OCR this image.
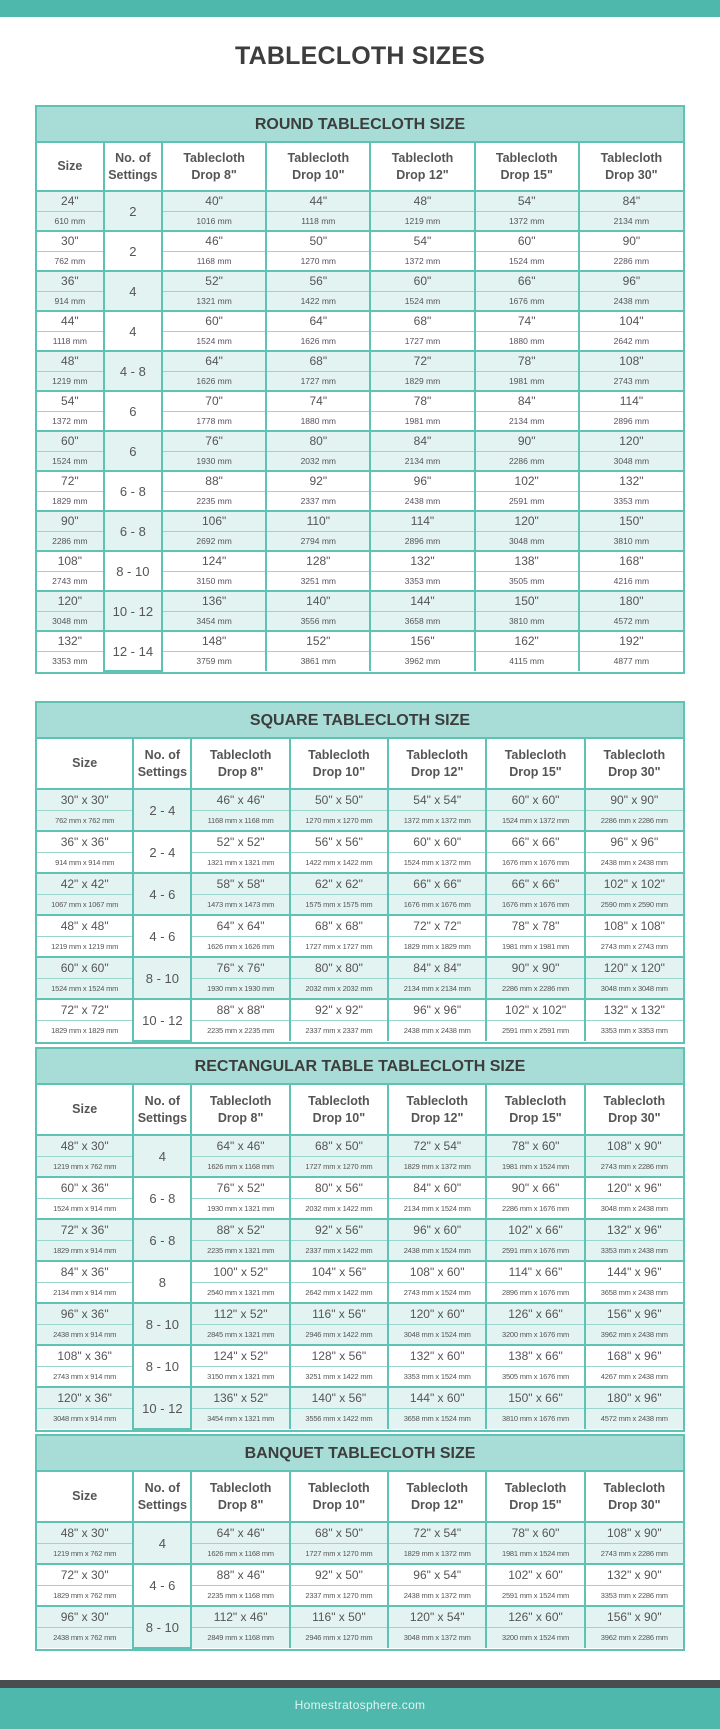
TABLECLOTH SIZES
ROUND TABLECLOTH SIZE
Size	No. of
Settings	Tablecloth
Drop 8"	Tablecloth
Drop 10"	Tablecloth
Drop 12"	Tablecloth
Drop 15"	Tablecloth
Drop 30"
24"	2	40"	44"	48"	54"	84"
610 mm		1016 mm	1118 mm	1219 mm	1372 mm	2134 mm
30"	2	46"	50"	54"	60"	90"
762 mm		1168 mm	1270 mm	1372 mm	1524 mm	2286 mm
36"	4	52"	56"	60"	66"	96"
914 mm		1321 mm	1422 mm	1524 mm	1676 mm	2438 mm
44"	4	60"	64"	68"	74"	104"
1118 mm		1524 mm	1626 mm	1727 mm	1880 mm	2642 mm
48"	4 - 8	64"	68"	72"	78"	108"
1219 mm		1626 mm	1727 mm	1829 mm	1981 mm	2743 mm
54"	6	70"	74"	78"	84"	114"
1372 mm		1778 mm	1880 mm	1981 mm	2134 mm	2896 mm
60"	6	76"	80"	84"	90"	120"
1524 mm		1930 mm	2032 mm	2134 mm	2286 mm	3048 mm
72"	6 - 8	88"	92"	96"	102"	132"
1829 mm		2235 mm	2337 mm	2438 mm	2591 mm	3353 mm
90"	6 - 8	106"	110"	114"	120"	150"
2286 mm		2692 mm	2794 mm	2896 mm	3048 mm	3810 mm
108"	8 - 10	124"	128"	132"	138"	168"
2743 mm		3150 mm	3251 mm	3353 mm	3505 mm	4216 mm
120"	10 - 12	136"	140"	144"	150"	180"
3048 mm		3454 mm	3556 mm	3658 mm	3810 mm	4572 mm
132"	12 - 14	148"	152"	156"	162"	192"
3353 mm		3759 mm	3861 mm	3962 mm	4115 mm	4877 mm
SQUARE TABLECLOTH SIZE
Size	No. of
Settings	Tablecloth
Drop 8"	Tablecloth
Drop 10"	Tablecloth
Drop 12"	Tablecloth
Drop 15"	Tablecloth
Drop 30"
30" x 30"	2 - 4	46" x 46"	50" x 50"	54" x 54"	60" x 60"	90" x 90"
762 mm x 762 mm		1168 mm x 1168 mm	1270 mm x 1270 mm	1372 mm x 1372 mm	1524 mm x 1372 mm	2286 mm x 2286 mm
36" x 36"	2 - 4	52" x 52"	56" x 56"	60" x 60"	66" x 66"	96" x 96"
914 mm x 914 mm		1321 mm x 1321 mm	1422 mm x 1422 mm	1524 mm x 1372 mm	1676 mm x 1676 mm	2438 mm x 2438 mm
42" x 42"	4 - 6	58" x 58"	62" x 62"	66" x 66"	66" x 66"	102" x 102"
1067 mm x 1067 mm		1473 mm x 1473 mm	1575 mm x 1575 mm	1676 mm x 1676 mm	1676 mm x 1676 mm	2590 mm x 2590 mm
48" x 48"	4 - 6	64" x 64"	68" x 68"	72" x 72"	78" x 78"	108" x 108"
1219 mm x 1219 mm		1626 mm x 1626 mm	1727 mm x 1727 mm	1829 mm x 1829 mm	1981 mm x 1981 mm	2743 mm x 2743 mm
60" x 60"	8 - 10	76" x 76"	80" x 80"	84" x 84"	90" x 90"	120" x 120"
1524 mm x 1524 mm		1930 mm x 1930 mm	2032 mm x 2032 mm	2134 mm x 2134 mm	2286 mm x 2286 mm	3048 mm x 3048 mm
72" x 72"	10 - 12	88" x 88"	92" x 92"	96" x 96"	102" x 102"	132" x 132"
1829 mm x 1829 mm		2235 mm x 2235 mm	2337 mm x 2337 mm	2438 mm x 2438 mm	2591 mm x 2591 mm	3353 mm x 3353 mm
RECTANGULAR TABLE TABLECLOTH SIZE
Size	No. of
Settings	Tablecloth
Drop 8"	Tablecloth
Drop 10"	Tablecloth
Drop 12"	Tablecloth
Drop 15"	Tablecloth
Drop 30"
48" x 30"	4	64" x 46"	68" x 50"	72" x 54"	78" x 60"	108" x 90"
1219 mm x 762 mm		1626 mm x 1168 mm	1727 mm x 1270 mm	1829 mm x 1372 mm	1981 mm x 1524 mm	2743 mm x 2286 mm
60" x 36"	6 - 8	76" x 52"	80" x 56"	84" x 60"	90" x 66"	120" x 96"
1524 mm x 914 mm		1930 mm x 1321 mm	2032 mm x 1422 mm	2134 mm x 1524 mm	2286 mm x 1676 mm	3048 mm x 2438 mm
72" x 36"	6 - 8	88" x 52"	92" x 56"	96" x 60"	102" x 66"	132" x 96"
1829 mm x 914 mm		2235 mm x 1321 mm	2337 mm x 1422 mm	2438 mm x 1524 mm	2591 mm x 1676 mm	3353 mm x 2438 mm
84" x 36"	8	100" x 52"	104" x 56"	108" x 60"	114" x 66"	144" x 96"
2134 mm x 914 mm		2540 mm x 1321 mm	2642 mm x 1422 mm	2743 mm x 1524 mm	2896 mm x 1676 mm	3658 mm x 2438 mm
96" x 36"	8 - 10	112" x 52"	116" x 56"	120" x 60"	126" x 66"	156" x 96"
2438 mm x 914 mm		2845 mm x 1321 mm	2946 mm x 1422 mm	3048 mm x 1524 mm	3200 mm x 1676 mm	3962 mm x 2438 mm
108" x 36"	8 - 10	124" x 52"	128" x 56"	132" x 60"	138" x 66"	168" x 96"
2743 mm x 914 mm		3150 mm x 1321 mm	3251 mm x 1422 mm	3353 mm x 1524 mm	3505 mm x 1676 mm	4267 mm x 2438 mm
120" x 36"	10 - 12	136" x 52"	140" x 56"	144" x 60"	150" x 66"	180" x 96"
3048 mm x 914 mm		3454 mm x 1321 mm	3556 mm x 1422 mm	3658 mm x 1524 mm	3810 mm x 1676 mm	4572 mm x 2438 mm
BANQUET TABLECLOTH SIZE
Size	No. of
Settings	Tablecloth
Drop 8"	Tablecloth
Drop 10"	Tablecloth
Drop 12"	Tablecloth
Drop 15"	Tablecloth
Drop 30"
48" x 30"	4	64" x 46"	68" x 50"	72" x 54"	78" x 60"	108" x 90"
1219 mm x 762 mm		1626 mm x 1168 mm	1727 mm x 1270 mm	1829 mm x 1372 mm	1981 mm x 1524 mm	2743 mm x 2286 mm
72" x 30"	4 - 6	88" x 46"	92" x 50"	96" x 54"	102" x 60"	132" x 90"
1829 mm x 762 mm		2235 mm x 1168 mm	2337 mm x 1270 mm	2438 mm x 1372 mm	2591 mm x 1524 mm	3353 mm x 2286 mm
96" x 30"	8 - 10	112" x 46"	116" x 50"	120" x 54"	126" x 60"	156" x 90"
2438 mm x 762 mm		2849 mm x 1168 mm	2946 mm x 1270 mm	3048 mm x 1372 mm	3200 mm x 1524 mm	3962 mm x 2286 mm
Homestratosphere.com
